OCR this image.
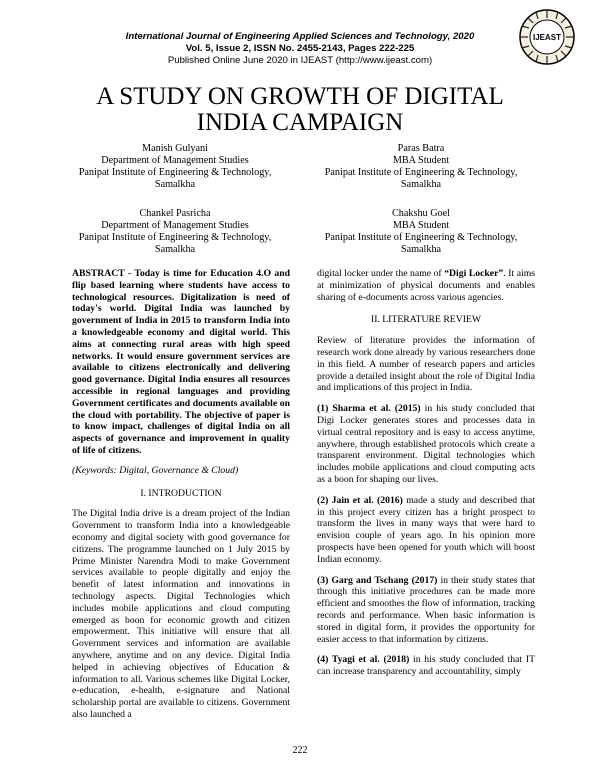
International Journal of Engineering Applied Sciences and Technology, 2020
Vol. 5, Issue 2, ISSN No. 2455-2143, Pages 222-225
Published Online June 2020 in IJEAST (http://www.ijeast.com)
IJEAST
A STUDY ON GROWTH OF DIGITAL
INDIA CAMPAIGN
Manish Gulyani
Department of Management Studies
Panipat Institute of Engineering & Technology,
Samalkha
Paras Batra
MBA Student
Panipat Institute of Engineering & Technology,
Samalkha
Chankel Pasricha
Department of Management Studies
Panipat Institute of Engineering & Technology,
Samalkha
Chakshu Goel
MBA Student
Panipat Institute of Engineering & Technology,
Samalkha

ABSTRACT - Today is time for Education 4.O and flip based learning where students have access to technological resources. Digitalization is need of today's world. Digital India was launched by government of India in 2015 to transform India into a knowledgeable economy and digital world. This aims at connecting rural areas with high speed networks. It would ensure government services are available to citizens electronically and delivering good governance. Digital India ensures all resources accessible in regional languages and providing Government certificates and documents available on the cloud with portability. The objective of paper is to know impact, challenges of digital India on all aspects of governance and improvement in quality of life of citizens.

(Keywords: Digital, Governance & Cloud)

I. INTRODUCTION

The Digital India drive is a dream project of the Indian Government to transform India into a knowledgeable economy and digital society with good governance for citizens. The programme launched on 1 July 2015 by Prime Minister Narendra Modi to make Government services available to people digitally and enjoy the benefit of latest information and innovations in technology aspects. Digital Technologies which includes mobile applications and cloud computing emerged as boon for economic growth and citizen empowerment. This initiative will ensure that all Government services and information are available anywhere, anytime and on any device. Digital India helped in achieving objectives of Education & information to all. Various schemes like Digital Locker, e-education, e-health, e-signature and National scholarship portal are available to citizens. Government also launched a

digital locker under the name of “Digi Locker”. It aims at minimization of physical documents and enables sharing of e-documents across various agencies.

II. LITERATURE REVIEW

Review of literature provides the information of research work done already by various researchers done in this field. A number of research papers and articles provide a detailed insight about the role of Digital India and implications of this project in India.

(1) Sharma et al. (2015) in his study concluded that Digi Locker generates stores and processes data in virtual central repository and is easy to access anytime, anywhere, through established protocols which create a transparent environment. Digital technologies which includes mobile applications and cloud computing acts as a boon for shaping our lives.

(2) Jain et al. (2016) made a study and described that in this project every citizen has a bright prospect to transform the lives in many ways that were hard to envision couple of years ago. In his opinion more prospects have been opened for youth which will boost Indian economy.

(3) Garg and Tschang (2017) in their study states that through this initiative procedures can be made more efficient and smoothes the flow of information, tracking records and performance. When basic information is stored in digital form, it provides the opportunity for easier access to that information by citizens.

(4) Tyagi et al. (2018) in his study concluded that IT can increase transparency and accountability, simply

222
